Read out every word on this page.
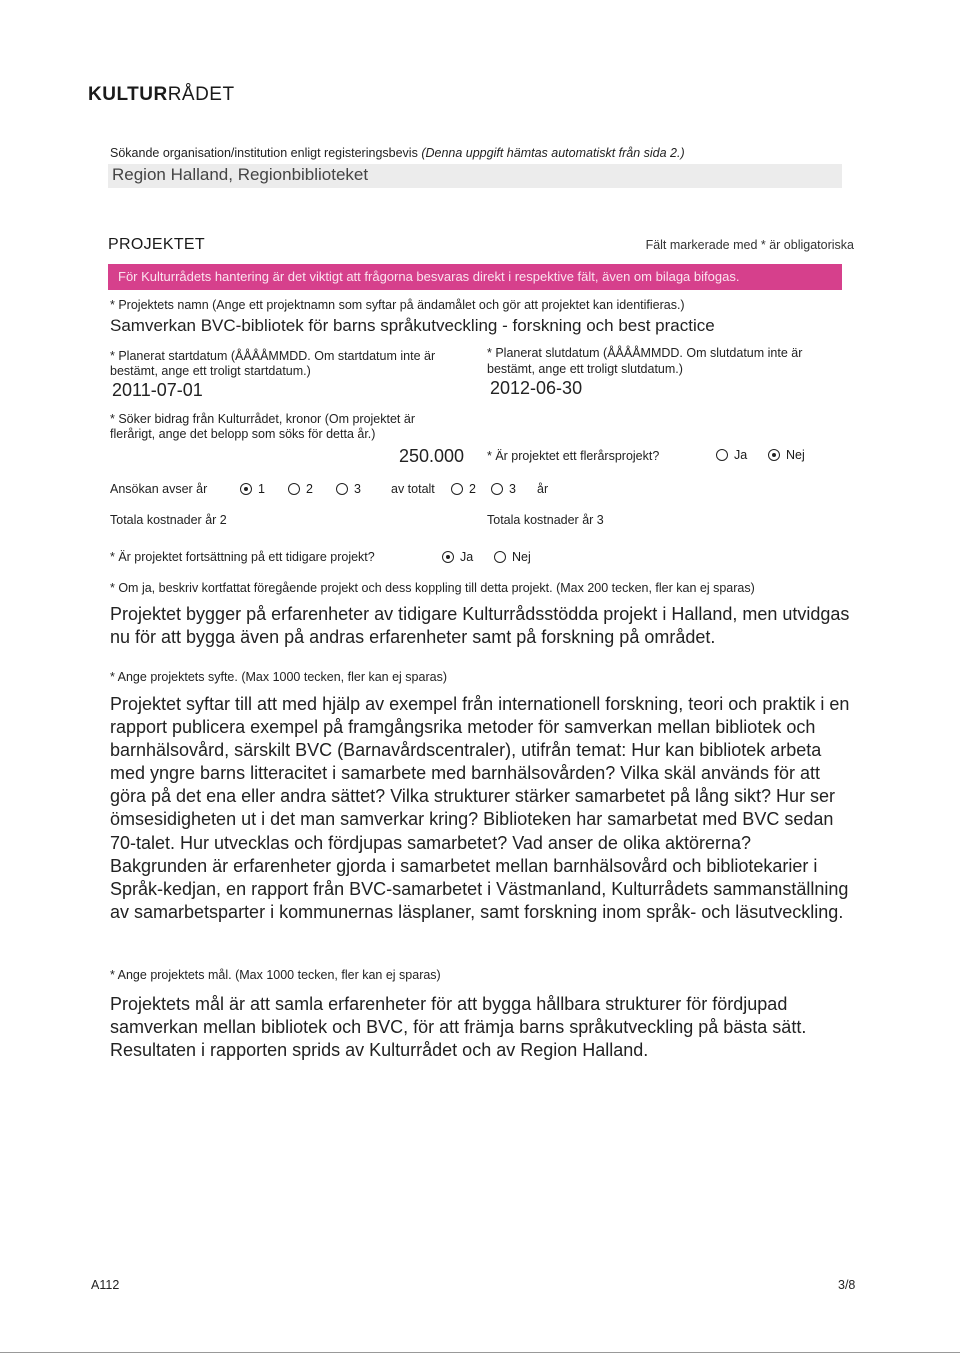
KULTURRÅDET
Sökande organisation/institution enligt registeringsbevis (Denna uppgift hämtas automatiskt från sida 2.)
Region Halland, Regionbiblioteket
PROJEKTET	Fält markerade med * är obligatoriska
För Kulturrådets hantering är det viktigt att frågorna besvaras direkt i respektive fält, även om bilaga bifogas.
* Projektets namn (Ange ett projektnamn som syftar på ändamålet och gör att projektet kan identifieras.)
Samverkan BVC-bibliotek för barns språkutveckling - forskning och best practice
* Planerat startdatum (ÅÅÅÅMMDD. Om startdatum inte är
bestämt, ange ett troligt startdatum.)
2011-07-01
* Planerat slutdatum (ÅÅÅÅMMDD. Om slutdatum inte är
bestämt, ange ett troligt slutdatum.)
2012-06-30
* Söker bidrag från Kulturrådet, kronor (Om projektet är
flerårigt, ange det belopp som söks för detta år.)
250.000 * Är projektet ett flerårsprojekt?	Ja	Nej
Ansökan avser år	1	2	3 av totalt	2	3 år
Totala kostnader år 2	Totala kostnader år 3
* Är projektet fortsättning på ett tidigare projekt?	Ja	Nej
* Om ja, beskriv kortfattat föregående projekt och dess koppling till detta projekt. (Max 200 tecken, fler kan ej sparas)
Projektet bygger på erfarenheter av tidigare Kulturrådsstödda projekt i Halland, men utvidgas nu för att bygga även på andras erfarenheter samt på forskning på området.
* Ange projektets syfte. (Max 1000 tecken, fler kan ej sparas)
Projektet syftar till att med hjälp av exempel från internationell forskning, teori och praktik i en rapport publicera exempel på framgångsrika metoder för samverkan mellan bibliotek och barnhälsovård, särskilt BVC (Barnavårdscentraler), utifrån temat: Hur kan bibliotek arbeta med yngre barns litteracitet i samarbete med barnhälsovården? Vilka skäl används för att göra på det ena eller andra sättet? Vilka strukturer stärker samarbetet på lång sikt? Hur ser ömsesidigheten ut i det man samverkar kring? Biblioteken har samarbetat med BVC sedan 70-talet. Hur utvecklas och fördjupas samarbetet? Vad anser de olika aktörerna? Bakgrunden är erfarenheter gjorda i samarbetet mellan barnhälsovård och bibliotekarier i Språk-kedjan, en rapport från BVC-samarbetet i Västmanland, Kulturrådets sammanställning av samarbetsparter i kommunernas läsplaner, samt forskning inom språk- och läsutveckling.
* Ange projektets mål. (Max 1000 tecken, fler kan ej sparas)
Projektets mål är att samla erfarenheter för att bygga hållbara strukturer för fördjupad samverkan mellan bibliotek och BVC, för att främja barns språkutveckling på bästa sätt. Resultaten i rapporten sprids av Kulturrådet och av Region Halland.
A112	3/8
